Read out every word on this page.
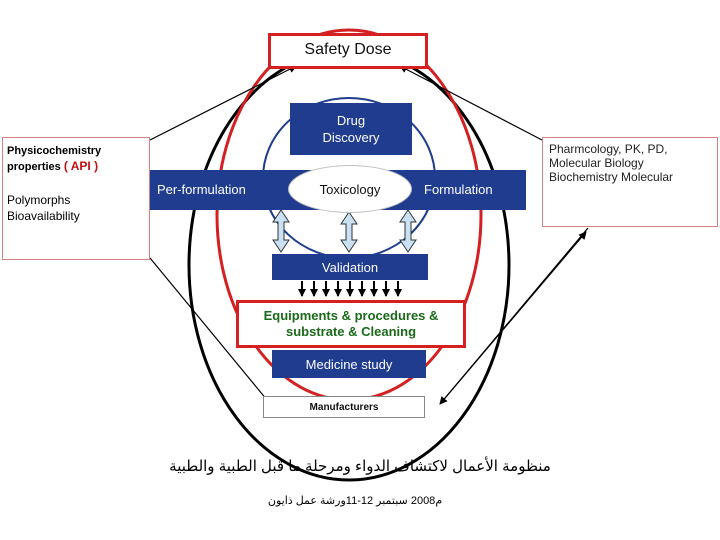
Safety Dose
Drug
Discovery
Physicochemistry
properties ( API )
Polymorphs
Bioavailability
Pharmcology, PK, PD,
Molecular Biology
Biochemistry Molecular
Per-formulation	Formulation
Toxicology
Validation
Equipments & procedures &
substrate & Cleaning
Medicine study
Manufacturers
منظومة الأعمال لاكتشاف الدواء ومرحلة ما قبل الطبية والطبية
م2008 سبتمبر 12-11ورشة عمل ذايون
